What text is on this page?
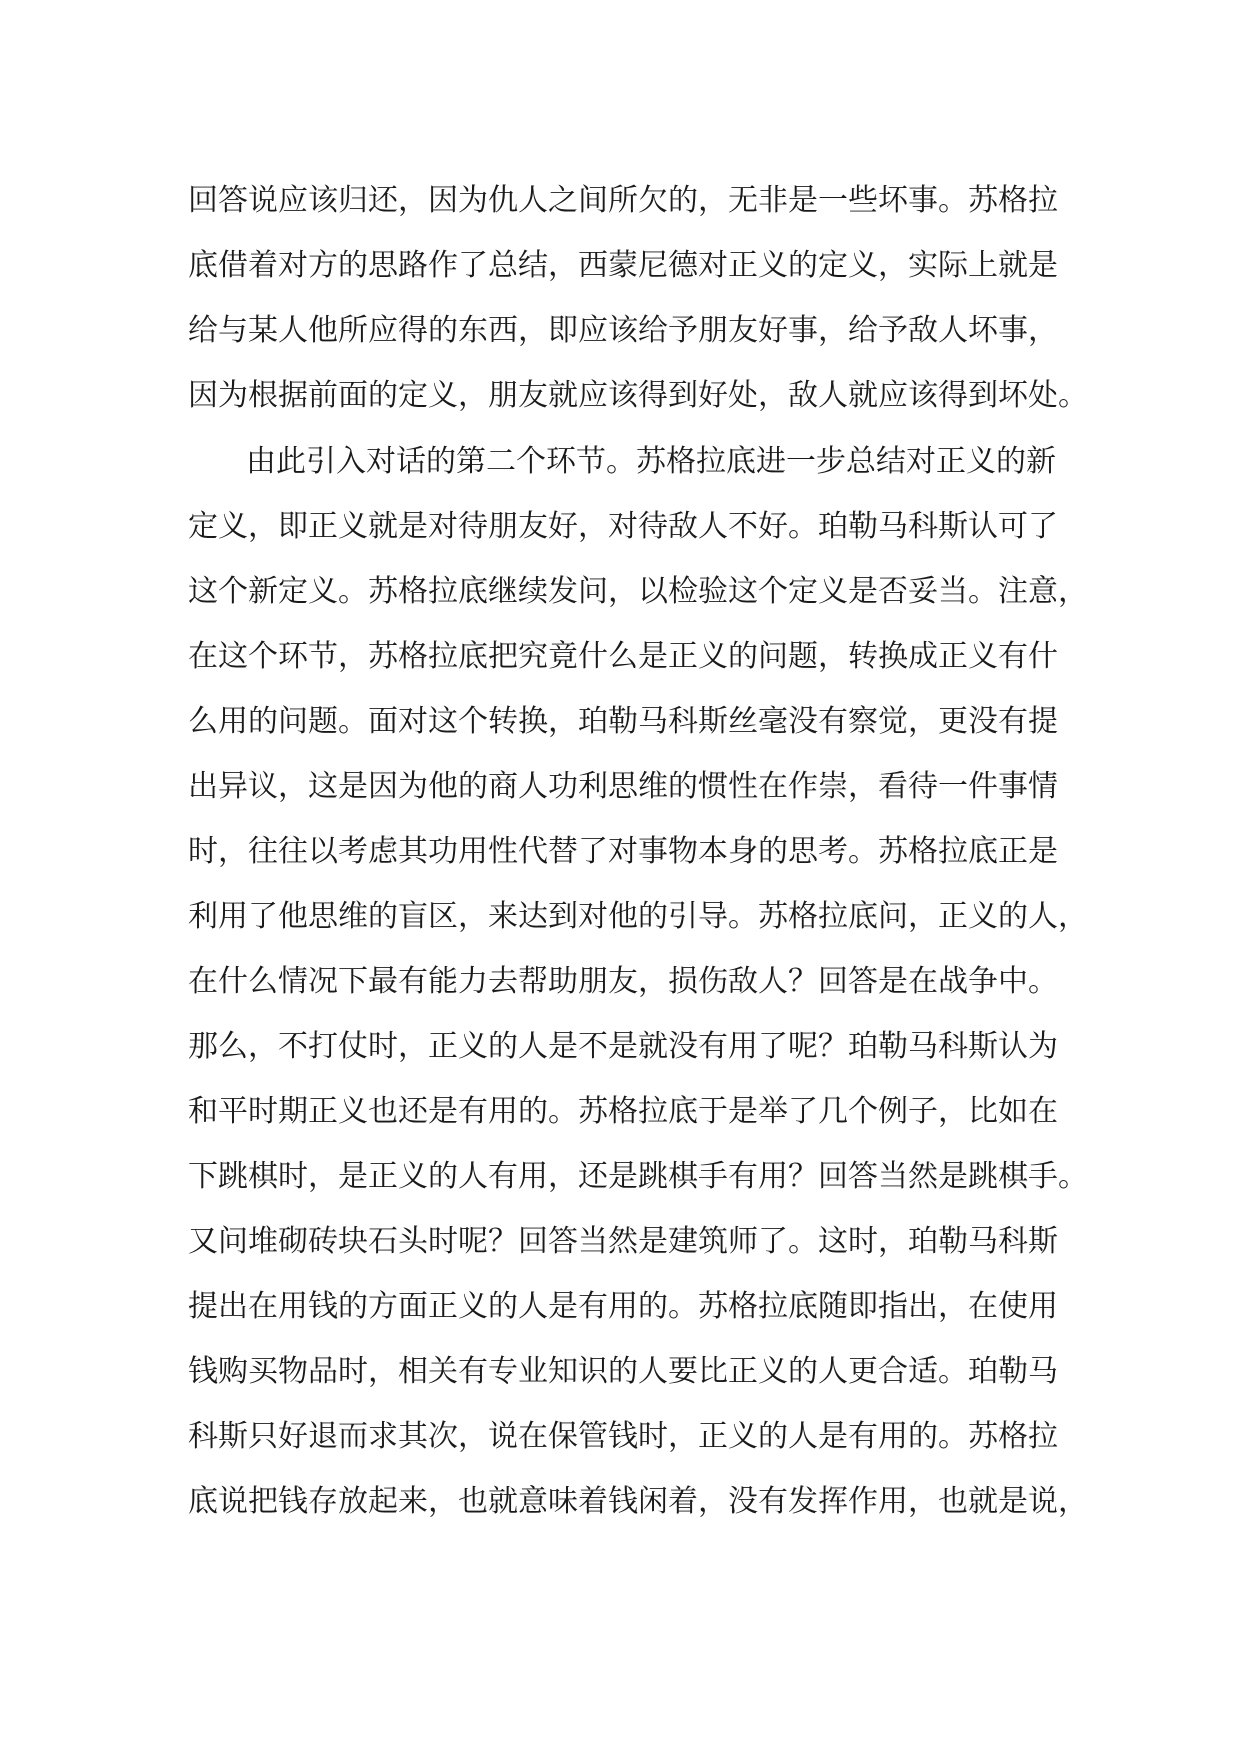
回答说应该归还，因为仇人之间所欠的，无非是一些坏事。苏格拉
底借着对方的思路作了总结，西蒙尼德对正义的定义，实际上就是
给与某人他所应得的东西，即应该给予朋友好事，给予敌人坏事，
因为根据前面的定义，朋友就应该得到好处，敌人就应该得到坏处。
由此引入对话的第二个环节。苏格拉底进一步总结对正义的新
定义，即正义就是对待朋友好，对待敌人不好。珀勒马科斯认可了
这个新定义。苏格拉底继续发问，以检验这个定义是否妥当。注意，
在这个环节，苏格拉底把究竟什么是正义的问题，转换成正义有什
么用的问题。面对这个转换，珀勒马科斯丝毫没有察觉，更没有提
出异议，这是因为他的商人功利思维的惯性在作崇，看待一件事情
时，往往以考虑其功用性代替了对事物本身的思考。苏格拉底正是
利用了他思维的盲区，来达到对他的引导。苏格拉底问，正义的人，
在什么情况下最有能力去帮助朋友，损伤敌人？回答是在战争中。
那么，不打仗时，正义的人是不是就没有用了呢？珀勒马科斯认为
和平时期正义也还是有用的。苏格拉底于是举了几个例子，比如在
下跳棋时，是正义的人有用，还是跳棋手有用？回答当然是跳棋手。
又问堆砌砖块石头时呢？回答当然是建筑师了。这时，珀勒马科斯
提出在用钱的方面正义的人是有用的。苏格拉底随即指出，在使用
钱购买物品时，相关有专业知识的人要比正义的人更合适。珀勒马
科斯只好退而求其次，说在保管钱时，正义的人是有用的。苏格拉
底说把钱存放起来，也就意味着钱闲着，没有发挥作用，也就是说，
